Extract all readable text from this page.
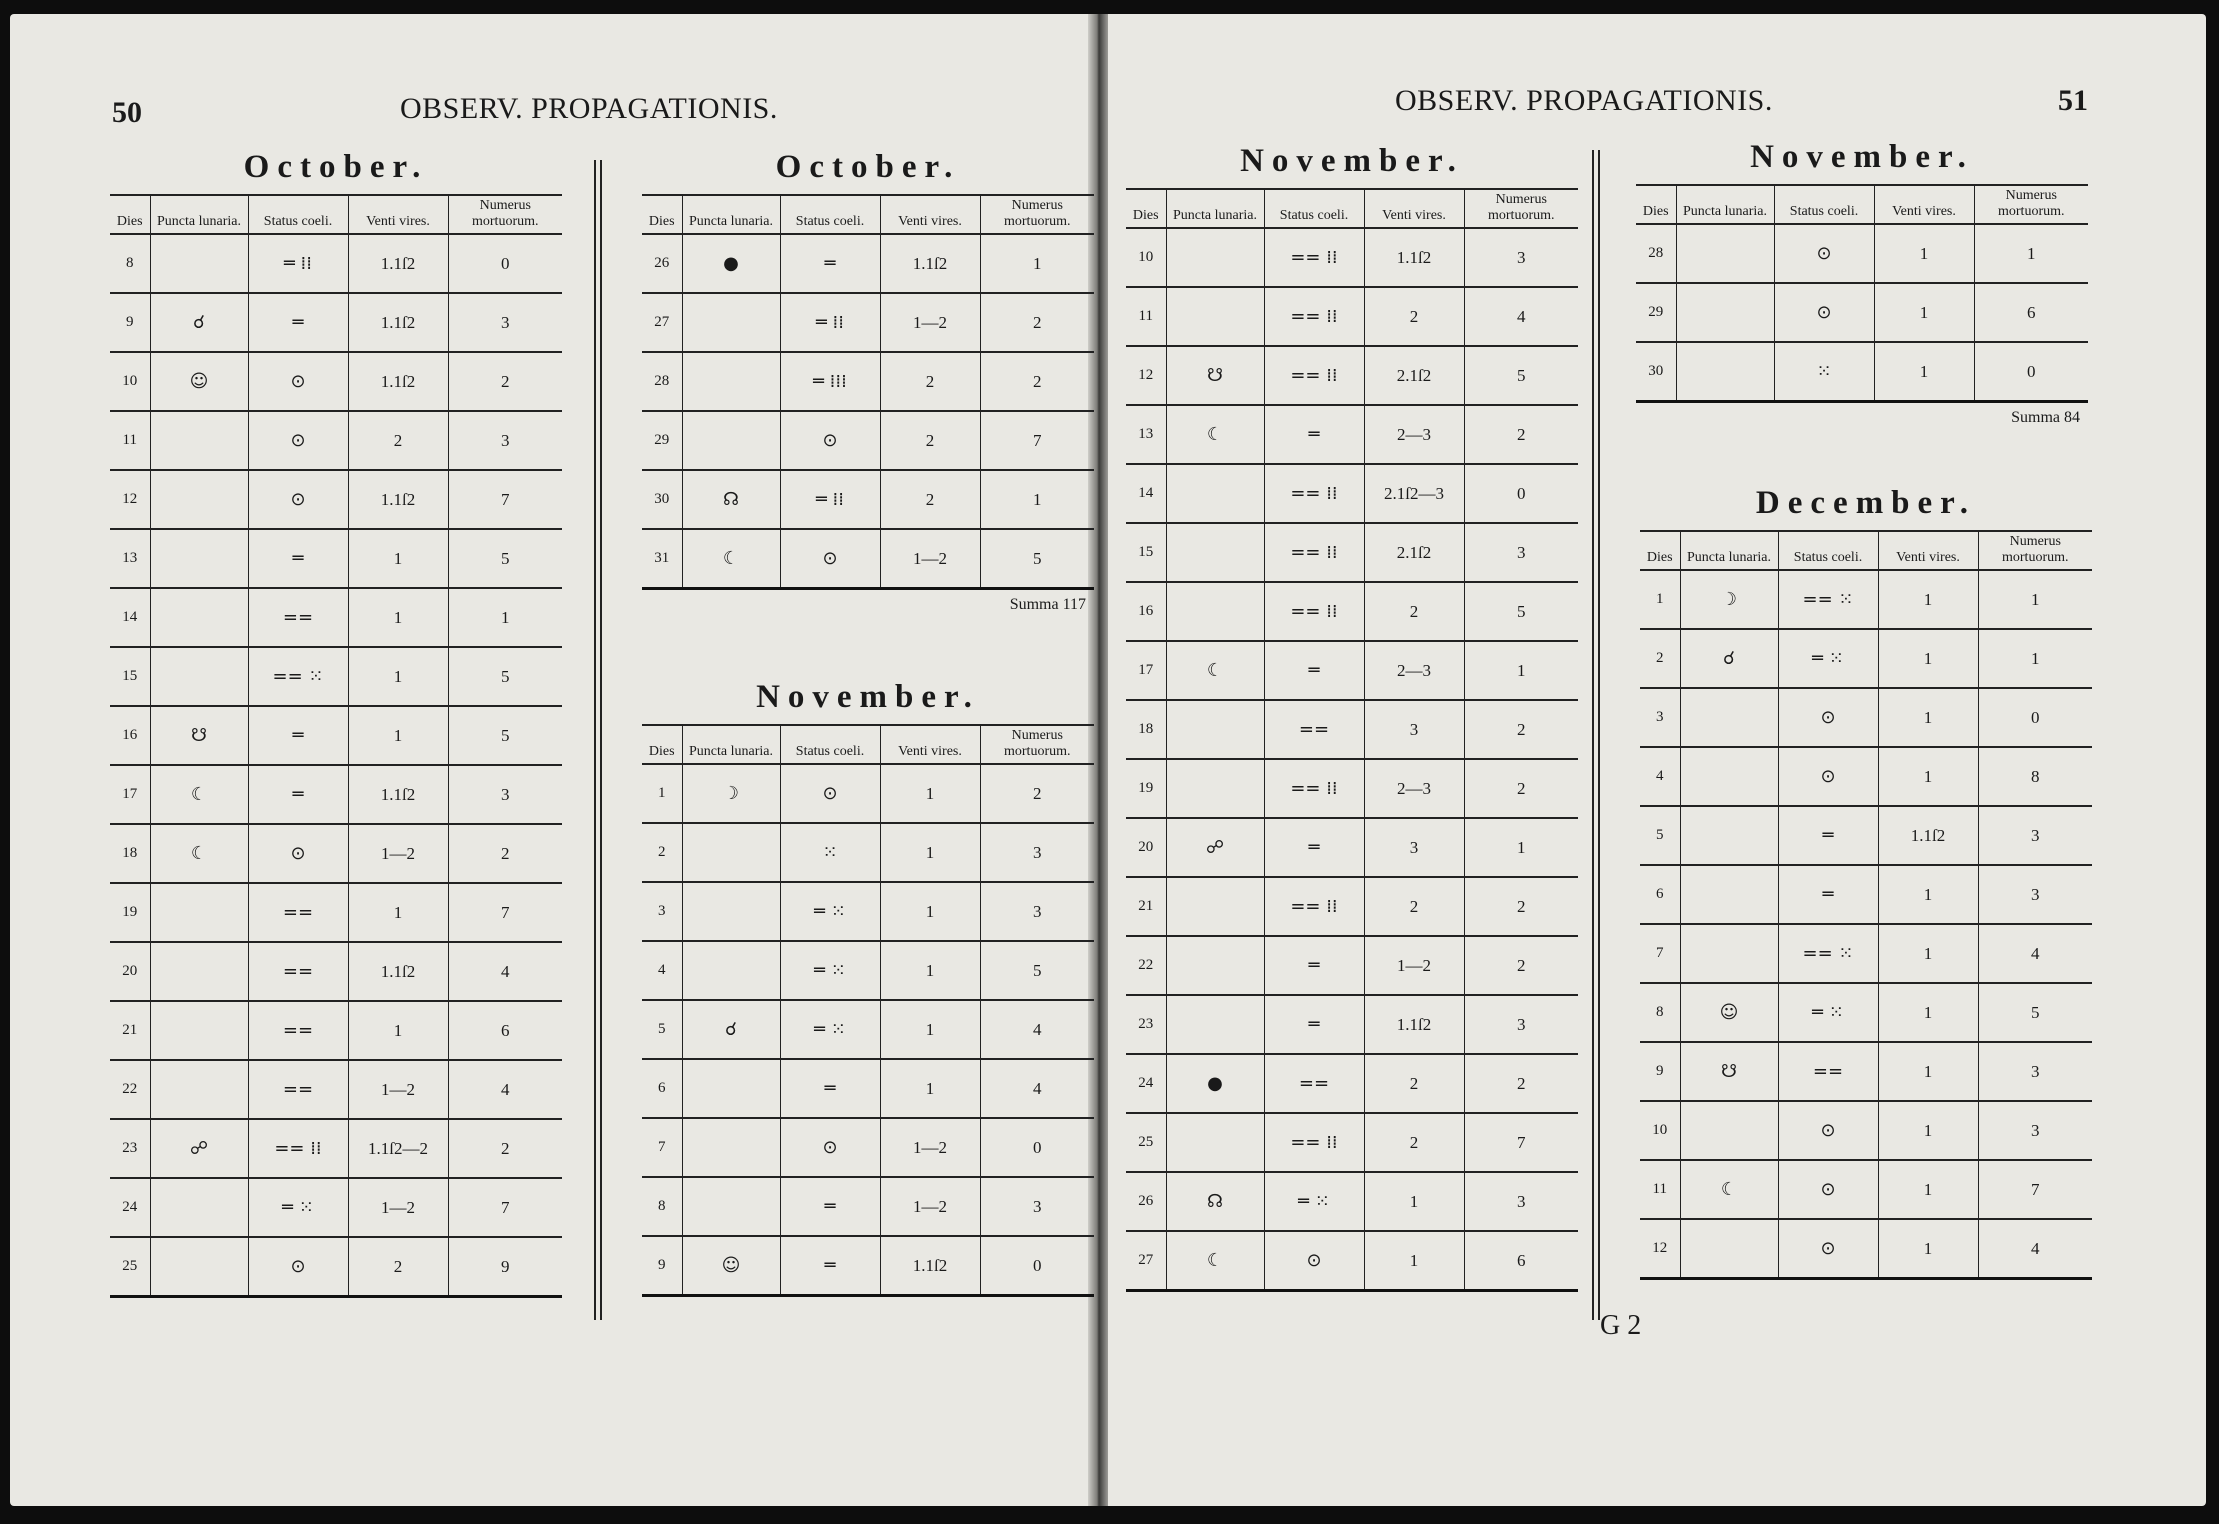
50	OBSERV. PROPAGATIONIS.	OBSERV. PROPAGATIONIS.	51
October.
Dies	Puncta lunaria.	Status coeli.	Venti vires.	Numerus mortuorum.
8		═ ⁞⁞	1.1ſ2	0
9	☌	═	1.1ſ2	3
10	☺	⊙	1.1ſ2	2
11		⊙	2	3
12		⊙	1.1ſ2	7
13		═	1	5
14		==	1	1
15		== ⁙	1	5
16	☋	═	1	5
17	☾	═	1.1ſ2	3
18	☾	⊙	1—2	2
19		==	1	7
20		==	1.1ſ2	4
21		==	1	6
22		==	1—2	4
23	☍	== ⁞⁞	1.1ſ2—2	2
24		═ ⁙	1—2	7
25		⊙	2	9
October.
Dies	Puncta lunaria.	Status coeli.	Venti vires.	Numerus mortuorum.
26	●	═	1.1ſ2	1
27		═ ⁞⁞	1—2	2
28		═ ⁞⁞⁞	2	2
29		⊙	2	7
30	☊	═ ⁞⁞	2	1
31	☾	⊙	1—2	5
Summa 117
November.
Dies	Puncta lunaria.	Status coeli.	Venti vires.	Numerus mortuorum.
1	☽	⊙	1	2
2		⁙	1	3
3		═ ⁙	1	3
4		═ ⁙	1	5
5	☌	═ ⁙	1	4
6		═	1	4
7		⊙	1—2	0
8		═	1—2	3
9	☺	═	1.1ſ2	0
November.
Dies	Puncta lunaria.	Status coeli.	Venti vires.	Numerus mortuorum.
10		== ⁞⁞	1.1ſ2	3
11		== ⁞⁞	2	4
12	☋	== ⁞⁞	2.1ſ2	5
13	☾	═	2—3	2
14		== ⁞⁞	2.1ſ2—3	0
15		== ⁞⁞	2.1ſ2	3
16		== ⁞⁞	2	5
17	☾	═	2—3	1
18		==	3	2
19		== ⁞⁞	2—3	2
20	☍	═	3	1
21		== ⁞⁞	2	2
22		═	1—2	2
23		═	1.1ſ2	3
24	●	==	2	2
25		== ⁞⁞	2	7
26	☊	═ ⁙	1	3
27	☾	⊙	1	6
November.
Dies	Puncta lunaria.	Status coeli.	Venti vires.	Numerus mortuorum.
28		⊙	1	1
29		⊙	1	6
30		⁙	1	0
Summa 84
December.
Dies	Puncta lunaria.	Status coeli.	Venti vires.	Numerus mortuorum.
1	☽	== ⁙	1	1
2	☌	═ ⁙	1	1
3		⊙	1	0
4		⊙	1	8
5		═	1.1ſ2	3
6		═	1	3
7		== ⁙	1	4
8	☺	═ ⁙	1	5
9	☋	==	1	3
10		⊙	1	3
11	☾	⊙	1	7
12		⊙	1	4
G 2
